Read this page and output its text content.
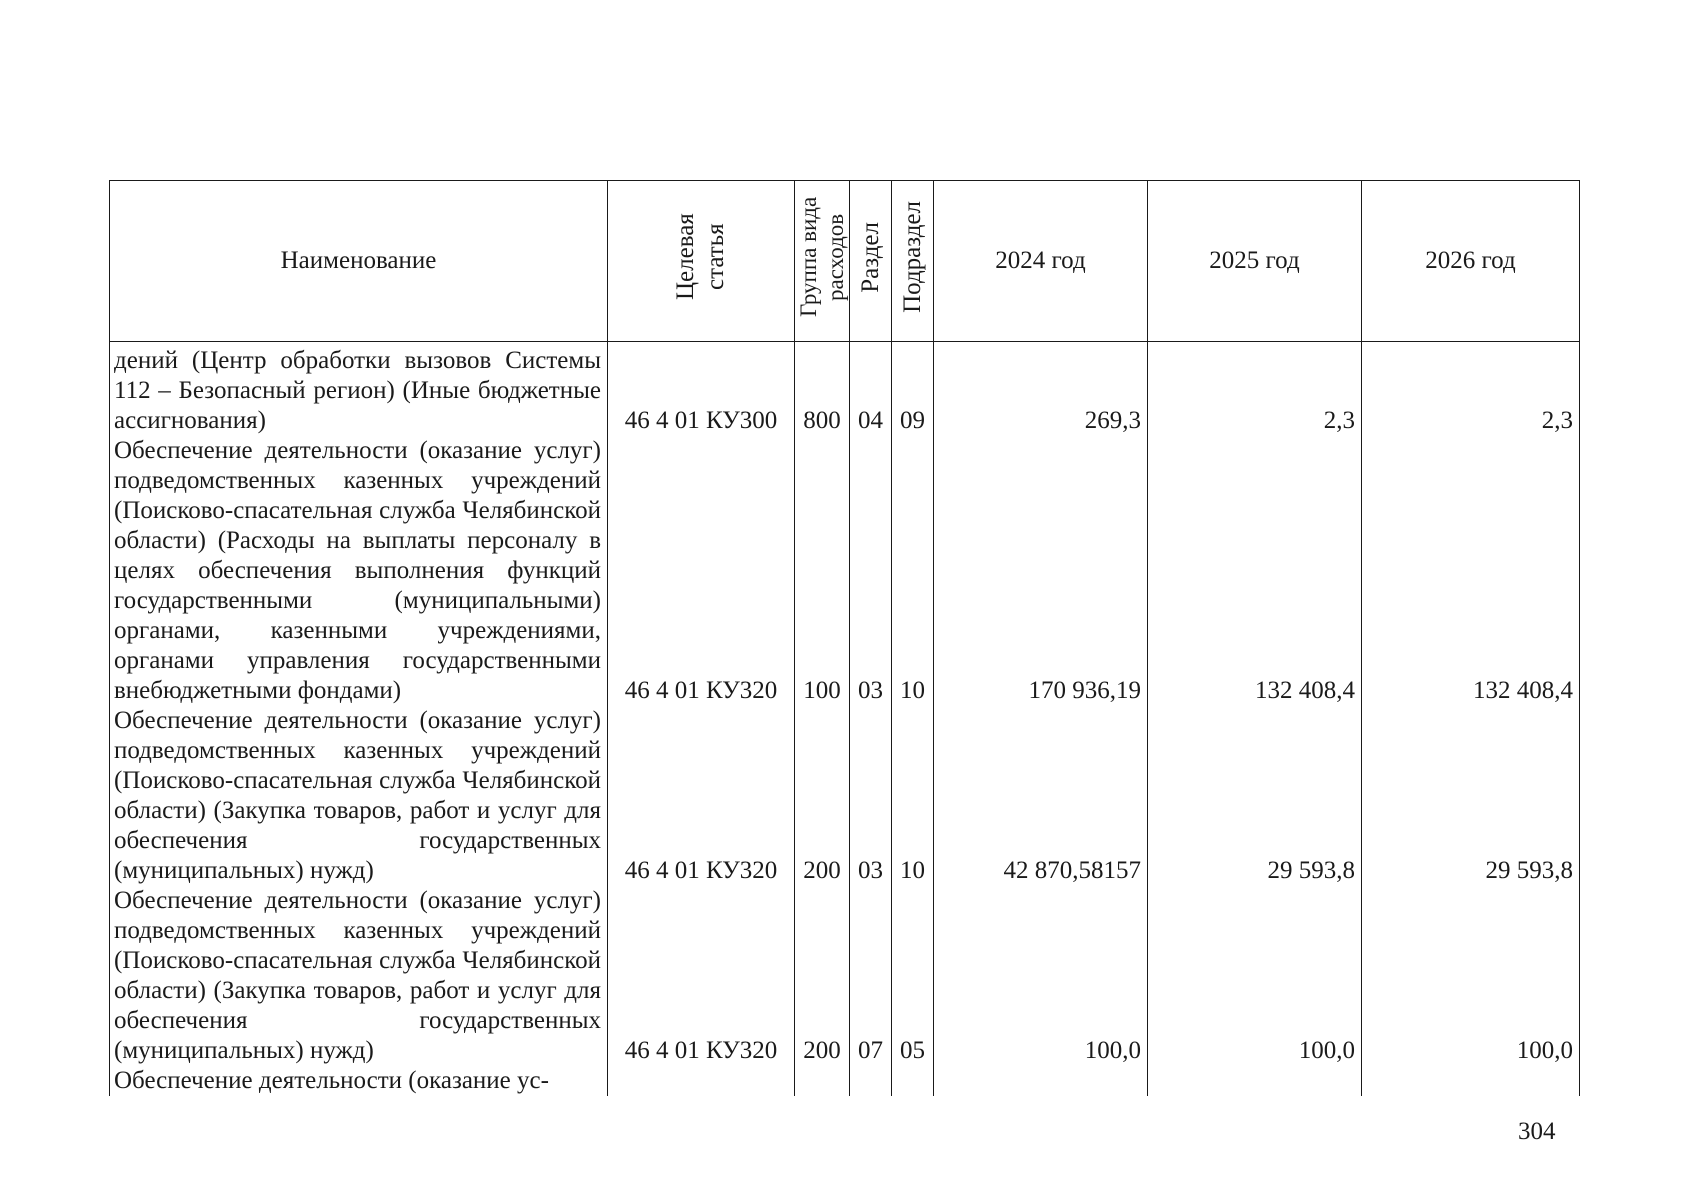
Наименование	Целевая статья	Группа вида расходов	Раздел	Подраздел	2024 год	2025 год	2026 год
дений (Центр обработки вызовов Системы 112 – Безопасный регион) (Иные бюджетные ассигнования)	46 4 01 КУ300	800	04	09	269,3	2,3	2,3
Обеспечение деятельности (оказание услуг) подведомственных казенных учреждений (Поисково-спасательная служба Челябинской области) (Расходы на выплаты персоналу в целях обеспечения выполнения функций государственными (муниципальными) органами, казенными учреждениями, органами управления государственными внебюджетными фондами)	46 4 01 КУ320	100	03	10	170 936,19	132 408,4	132 408,4
Обеспечение деятельности (оказание услуг) подведомственных казенных учреждений (Поисково-спасательная служба Челябинской области) (Закупка товаров, работ и услуг для обеспечения государственных (муниципальных) нужд)	46 4 01 КУ320	200	03	10	42 870,58157	29 593,8	29 593,8
Обеспечение деятельности (оказание услуг) подведомственных казенных учреждений (Поисково-спасательная служба Челябинской области) (Закупка товаров, работ и услуг для обеспечения государственных (муниципальных) нужд)	46 4 01 КУ320	200	07	05	100,0	100,0	100,0
Обеспечение деятельности (оказание ус-							
304
